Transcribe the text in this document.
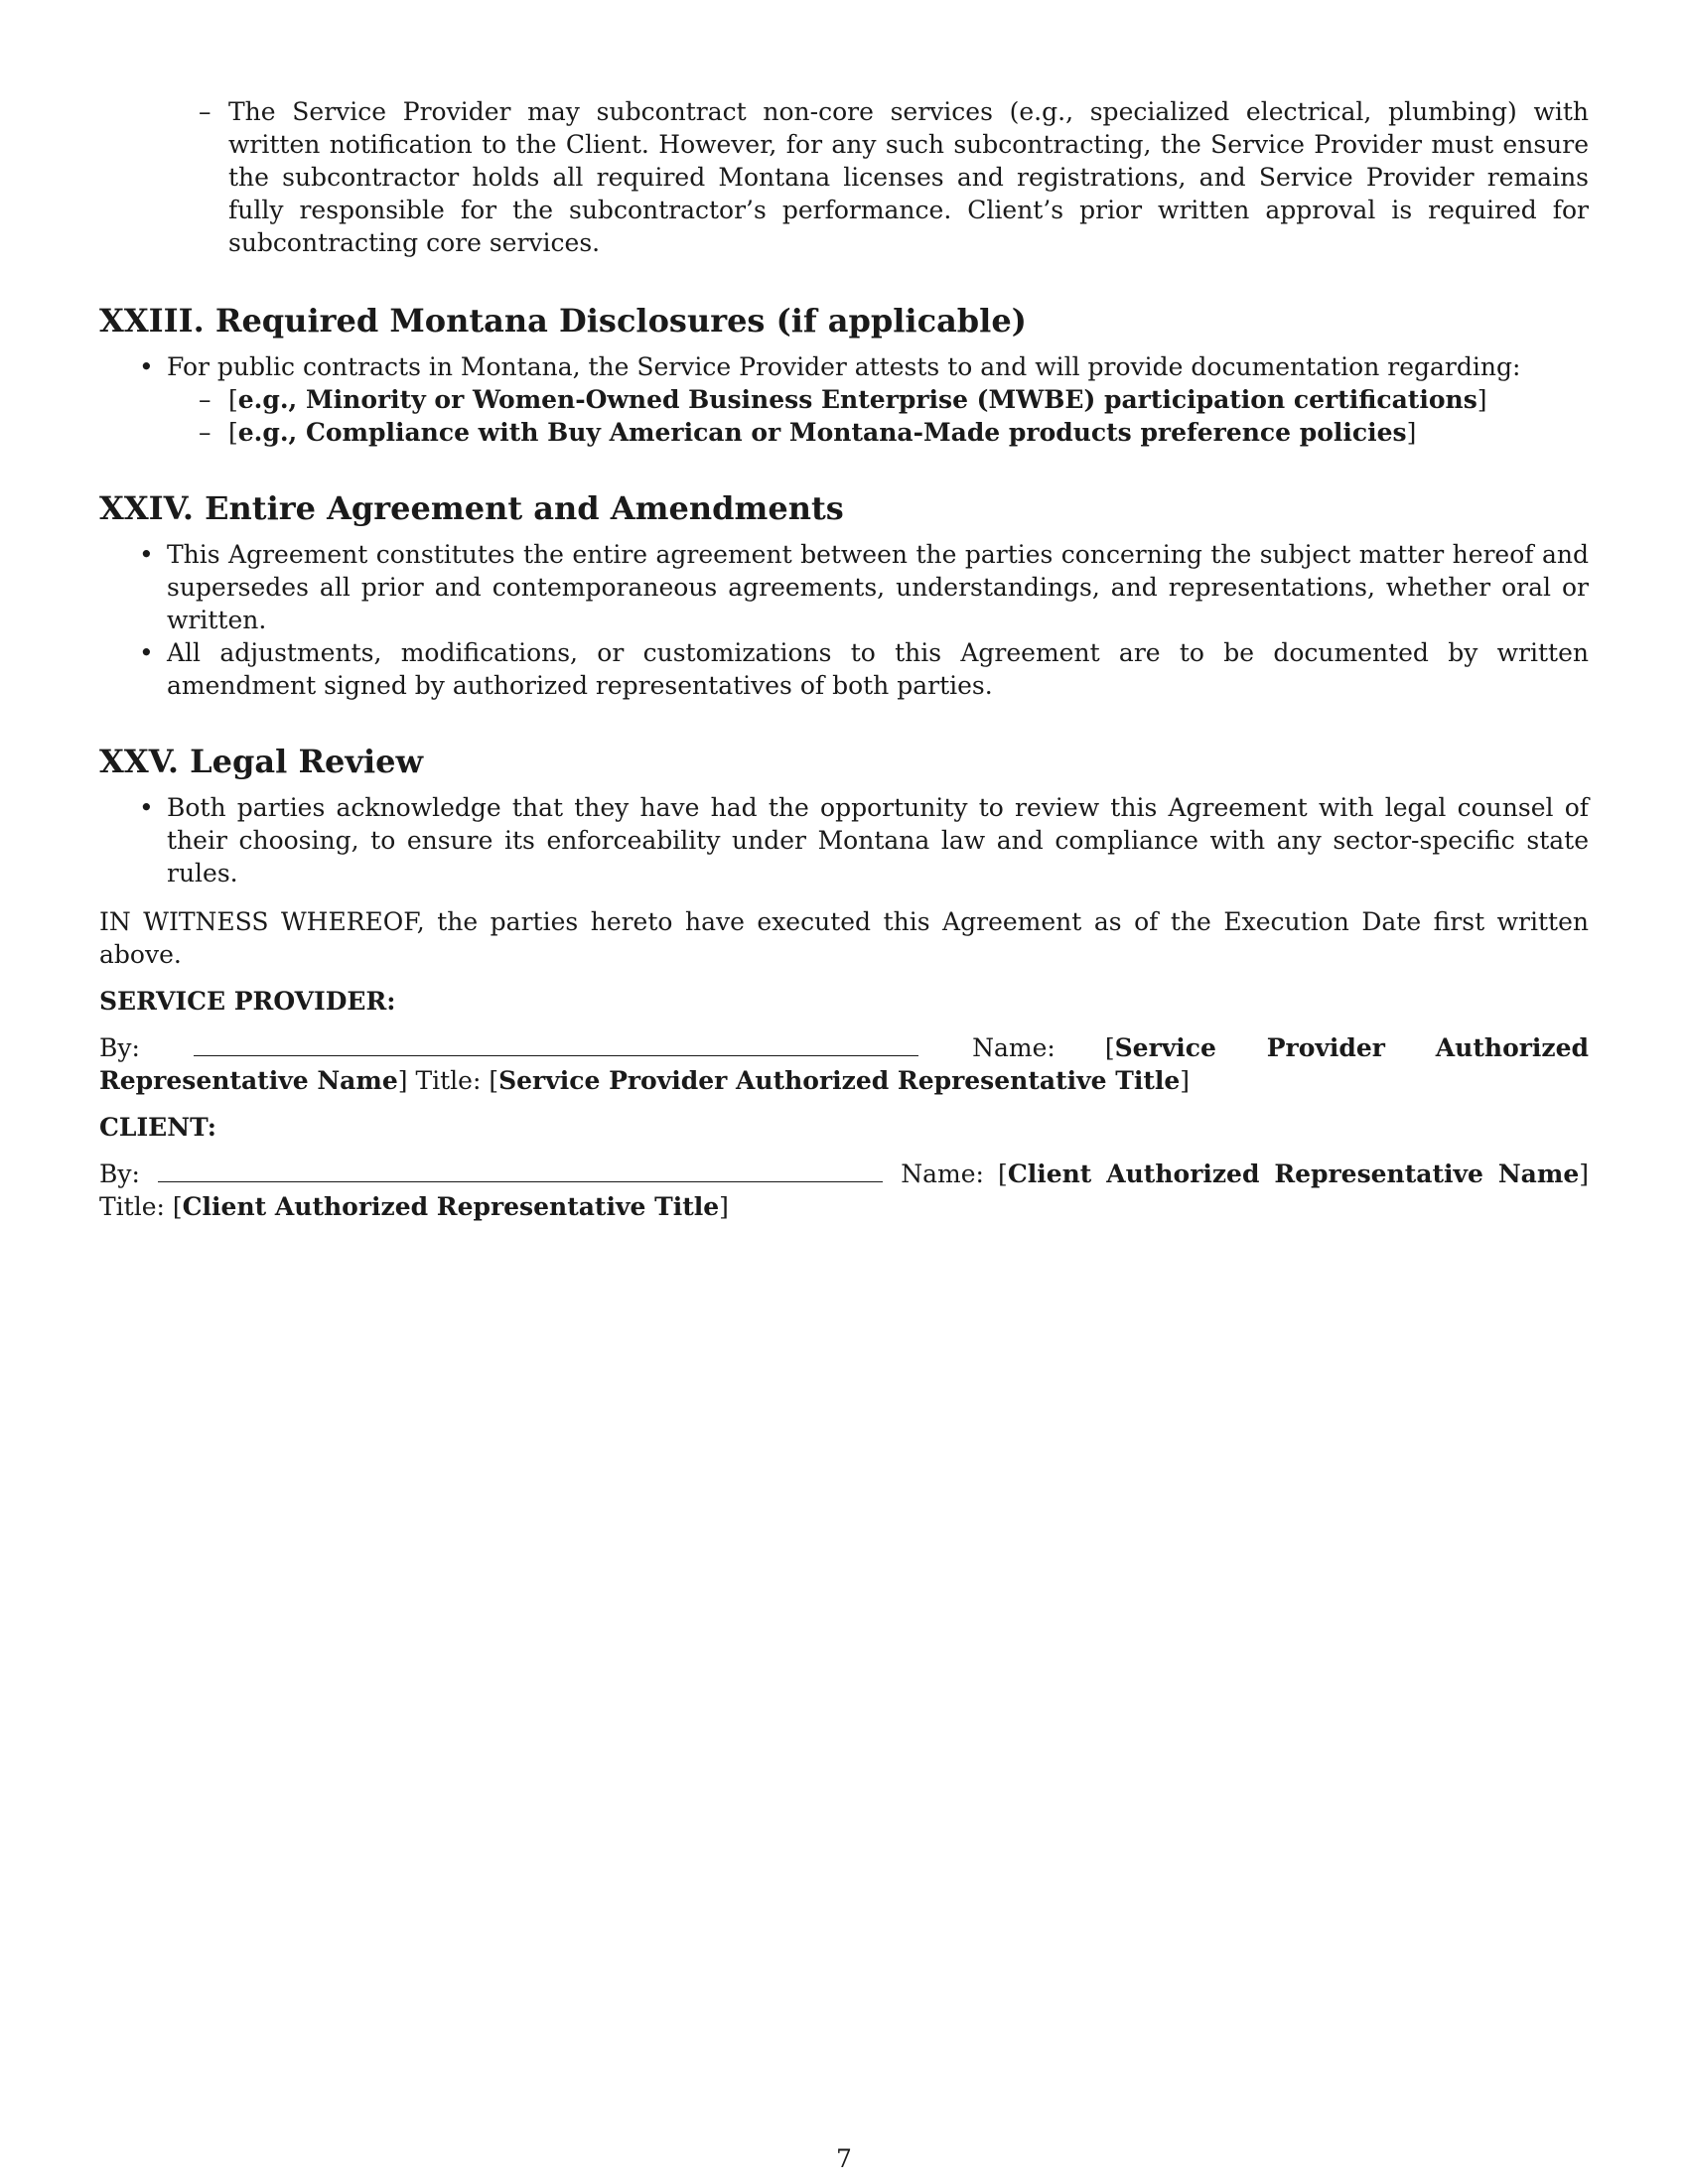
– The Service Provider may subcontract non-core services (e.g., specialized electrical, plumbing) with written notification to the Client. However, for any such subcontracting, the Service Provider must ensure the subcontractor holds all required Montana licenses and registrations, and Service Provider remains fully responsible for the subcontractor’s performance. Client’s prior written approval is required for subcontracting core services.

XXIII. Required Montana Disclosures (if applicable)

• For public contracts in Montana, the Service Provider attests to and will provide documentation regarding:

– [e.g., Minority or Women-Owned Business Enterprise (MWBE) participation certifications]

– [e.g., Compliance with Buy American or Montana-Made products preference policies]

XXIV. Entire Agreement and Amendments

• This Agreement constitutes the entire agreement between the parties concerning the subject matter hereof and supersedes all prior and contemporaneous agreements, understandings, and representations, whether oral or written.

• All adjustments, modifications, or customizations to this Agreement are to be documented by written amendment signed by authorized representatives of both parties.

XXV. Legal Review

• Both parties acknowledge that they have had the opportunity to review this Agreement with legal counsel of their choosing, to ensure its enforceability under Montana law and compliance with any sector-specific state rules.

IN WITNESS WHEREOF, the parties hereto have executed this Agreement as of the Execution Date first written above.

SERVICE PROVIDER:

By:	Name: [Service Provider Authorized Representative Name] Title: [Service Provider Authorized Representative Title]

CLIENT:

By:	Name: [Client Authorized Representative Name] Title: [Client Authorized Representative Title]

7
